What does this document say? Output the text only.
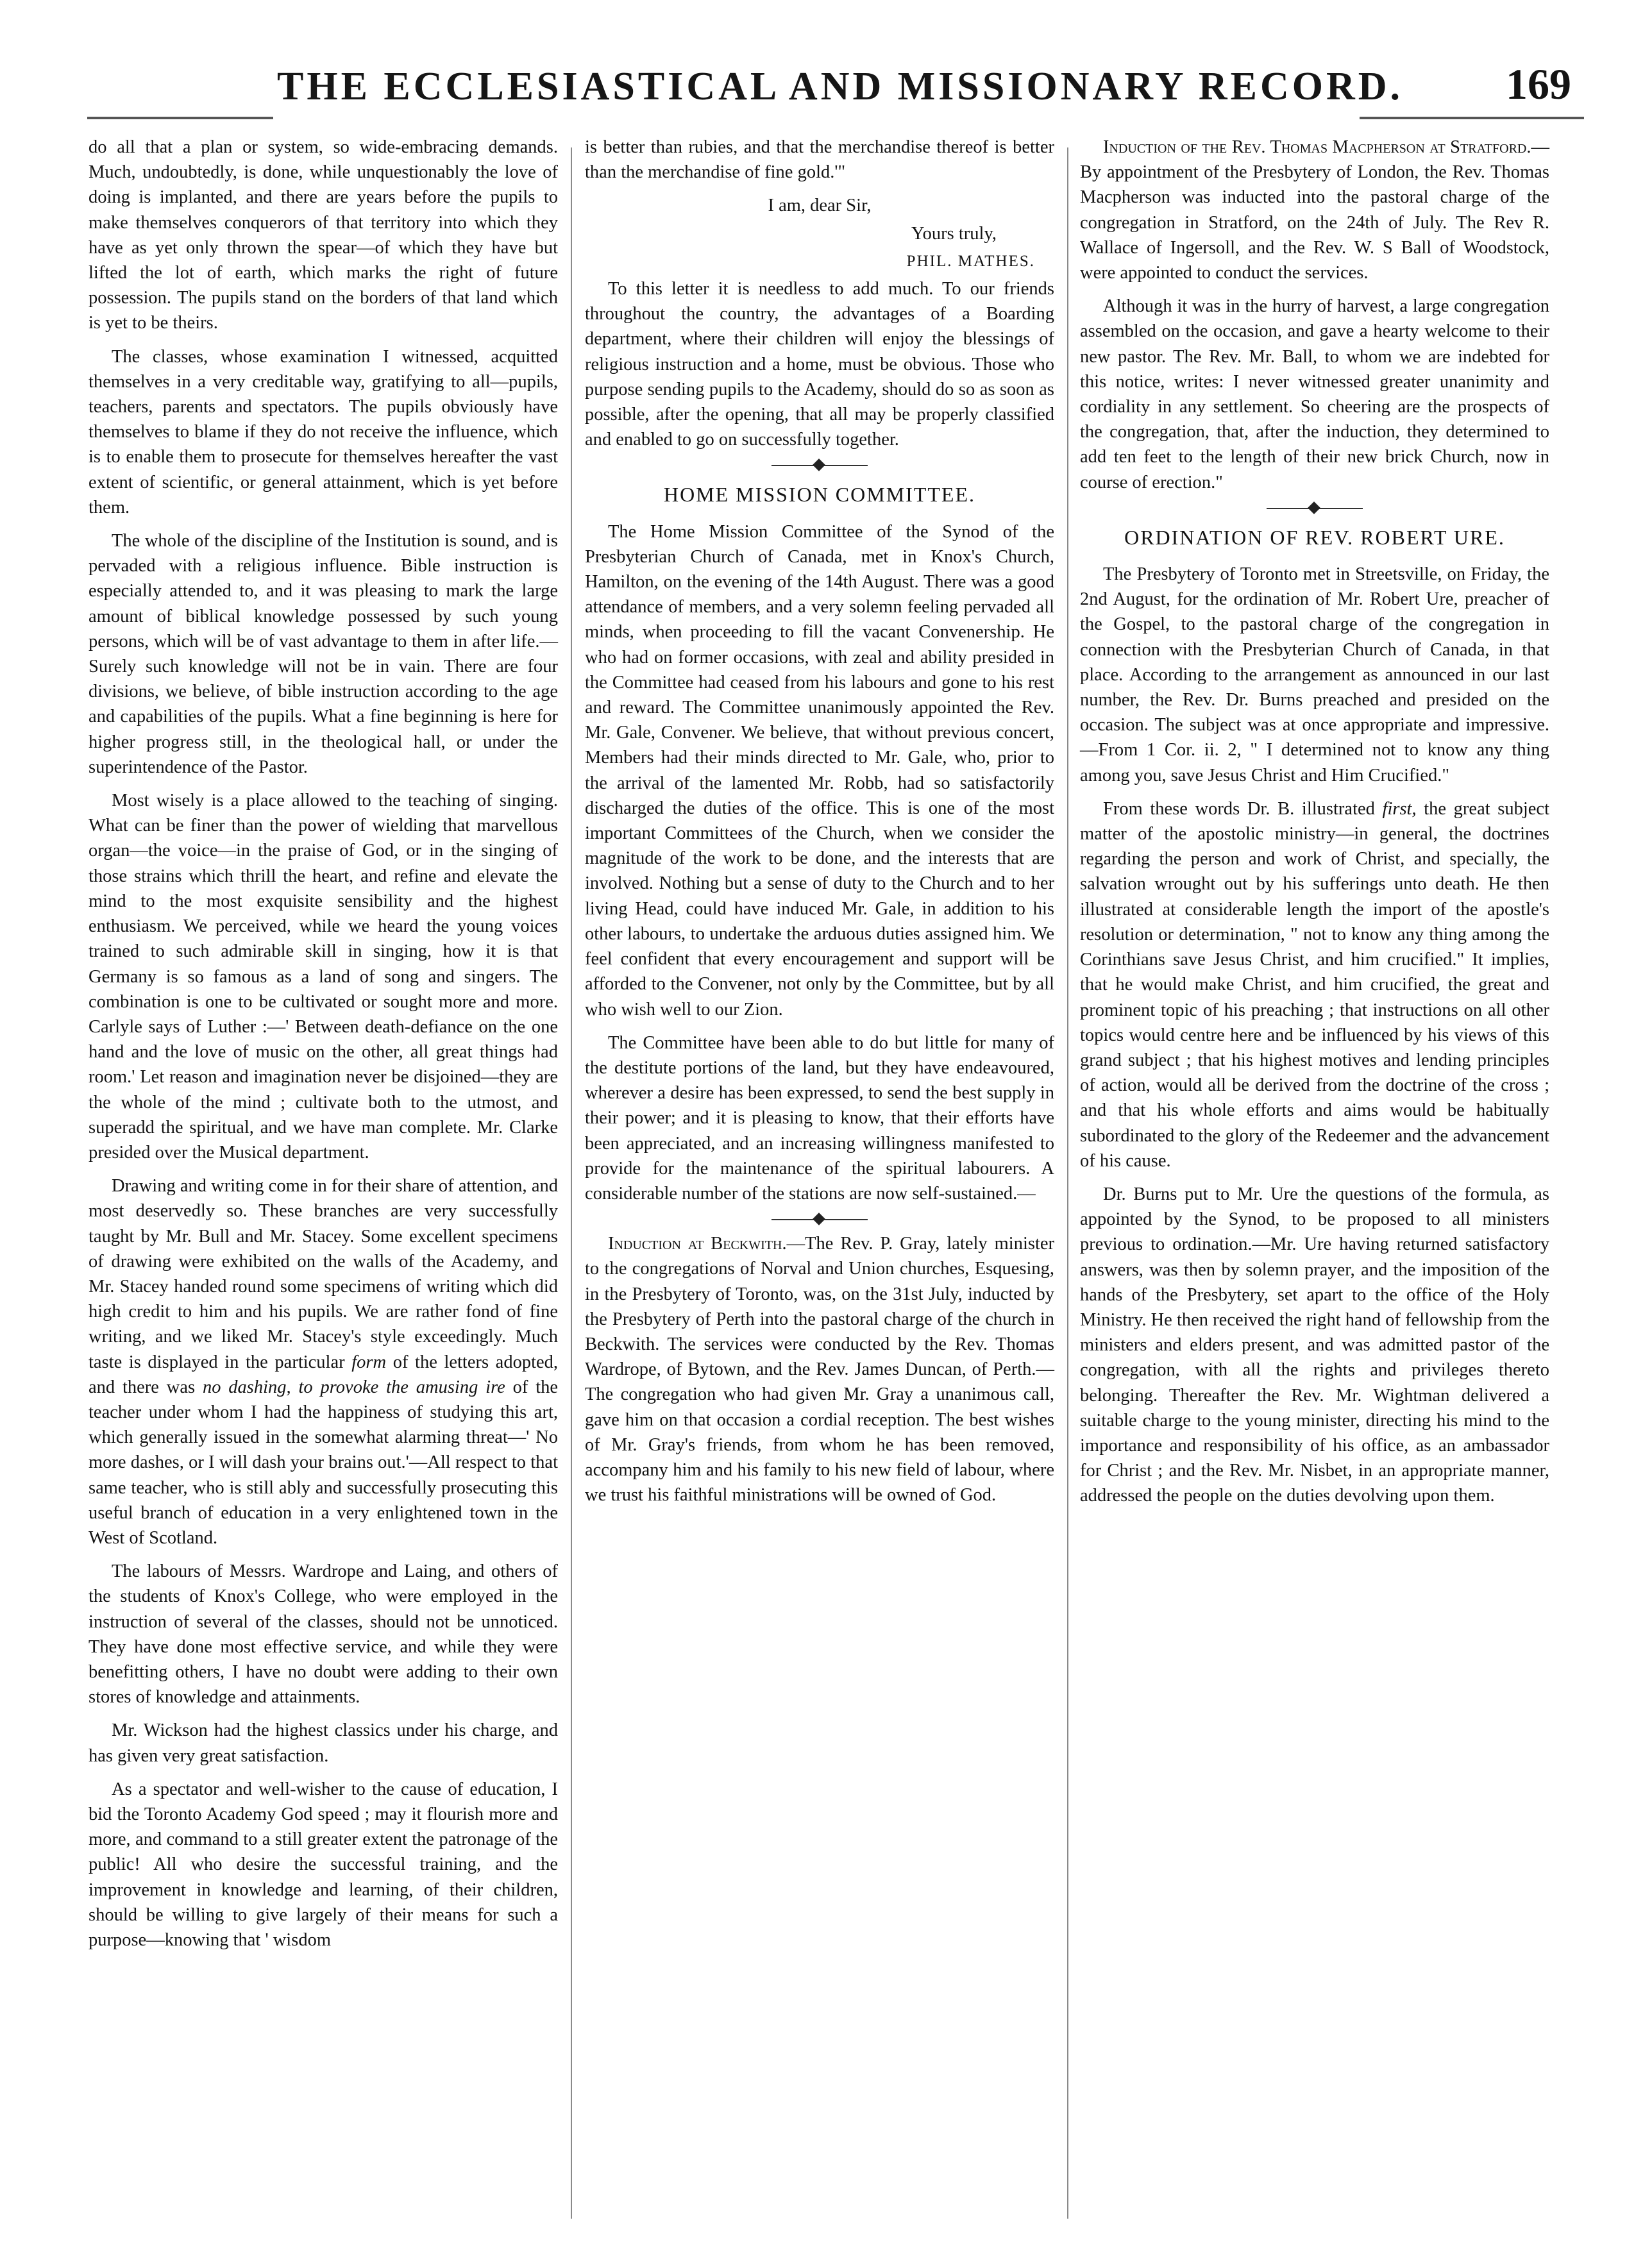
THE ECCLESIASTICAL AND MISSIONARY RECORD.	169

do all that a plan or system, so wide-embracing demands. Much, undoubtedly, is done, while unquestionably the love of doing is implanted, and there are years before the pupils to make themselves conquerors of that territory into which they have as yet only thrown the spear—of which they have but lifted the lot of earth, which marks the right of future possession. The pupils stand on the borders of that land which is yet to be theirs.

The classes, whose examination I witnessed, acquitted themselves in a very creditable way, gratifying to all—pupils, teachers, parents and spectators. The pupils obviously have themselves to blame if they do not receive the influence, which is to enable them to prosecute for themselves hereafter the vast extent of scientific, or general attainment, which is yet before them.

The whole of the discipline of the Institution is sound, and is pervaded with a religious influence. Bible instruction is especially attended to, and it was pleasing to mark the large amount of biblical knowledge possessed by such young persons, which will be of vast advantage to them in after life.—Surely such knowledge will not be in vain. There are four divisions, we believe, of bible instruction according to the age and capabilities of the pupils. What a fine beginning is here for higher progress still, in the theological hall, or under the superintendence of the Pastor.

Most wisely is a place allowed to the teaching of singing. What can be finer than the power of wielding that marvellous organ—the voice—in the praise of God, or in the singing of those strains which thrill the heart, and refine and elevate the mind to the most exquisite sensibility and the highest enthusiasm. We perceived, while we heard the young voices trained to such admirable skill in singing, how it is that Germany is so famous as a land of song and singers. The combination is one to be cultivated or sought more and more. Carlyle says of Luther :—' Between death-defiance on the one hand and the love of music on the other, all great things had room.' Let reason and imagination never be disjoined—they are the whole of the mind ; cultivate both to the utmost, and superadd the spiritual, and we have man complete. Mr. Clarke presided over the Musical department.

Drawing and writing come in for their share of attention, and most deservedly so. These branches are very successfully taught by Mr. Bull and Mr. Stacey. Some excellent specimens of drawing were exhibited on the walls of the Academy, and Mr. Stacey handed round some specimens of writing which did high credit to him and his pupils. We are rather fond of fine writing, and we liked Mr. Stacey's style exceedingly. Much taste is displayed in the particular form of the letters adopted, and there was no dashing, to provoke the amusing ire of the teacher under whom I had the happiness of studying this art, which generally issued in the somewhat alarming threat—' No more dashes, or I will dash your brains out.'—All respect to that same teacher, who is still ably and successfully prosecuting this useful branch of education in a very enlightened town in the West of Scotland.

The labours of Messrs. Wardrope and Laing, and others of the students of Knox's College, who were employed in the instruction of several of the classes, should not be unnoticed. They have done most effective service, and while they were benefitting others, I have no doubt were adding to their own stores of knowledge and attainments.

Mr. Wickson had the highest classics under his charge, and has given very great satisfaction.

As a spectator and well-wisher to the cause of education, I bid the Toronto Academy God speed ; may it flourish more and more, and command to a still greater extent the patronage of the public! All who desire the successful training, and the improvement in knowledge and learning, of their children, should be willing to give largely of their means for such a purpose—knowing that ' wisdom

is better than rubies, and that the merchandise thereof is better than the merchandise of fine gold.'"

I am, dear Sir,

Yours truly,

PHIL. MATHES.

To this letter it is needless to add much. To our friends throughout the country, the advantages of a Boarding department, where their children will enjoy the blessings of religious instruction and a home, must be obvious. Those who purpose sending pupils to the Academy, should do so as soon as possible, after the opening, that all may be properly classified and enabled to go on successfully together.

HOME MISSION COMMITTEE.

The Home Mission Committee of the Synod of the Presbyterian Church of Canada, met in Knox's Church, Hamilton, on the evening of the 14th August. There was a good attendance of members, and a very solemn feeling pervaded all minds, when proceeding to fill the vacant Convenership. He who had on former occasions, with zeal and ability presided in the Committee had ceased from his labours and gone to his rest and reward. The Committee unanimously appointed the Rev. Mr. Gale, Convener. We believe, that without previous concert, Members had their minds directed to Mr. Gale, who, prior to the arrival of the lamented Mr. Robb, had so satisfactorily discharged the duties of the office. This is one of the most important Committees of the Church, when we consider the magnitude of the work to be done, and the interests that are involved. Nothing but a sense of duty to the Church and to her living Head, could have induced Mr. Gale, in addition to his other labours, to undertake the arduous duties assigned him. We feel confident that every encouragement and support will be afforded to the Convener, not only by the Committee, but by all who wish well to our Zion.

The Committee have been able to do but little for many of the destitute portions of the land, but they have endeavoured, wherever a desire has been expressed, to send the best supply in their power; and it is pleasing to know, that their efforts have been appreciated, and an increasing willingness manifested to provide for the maintenance of the spiritual labourers. A considerable number of the stations are now self-sustained.—

Induction at Beckwith.—The Rev. P. Gray, lately minister to the congregations of Norval and Union churches, Esquesing, in the Presbytery of Toronto, was, on the 31st July, inducted by the Presbytery of Perth into the pastoral charge of the church in Beckwith. The services were conducted by the Rev. Thomas Wardrope, of Bytown, and the Rev. James Duncan, of Perth.—The congregation who had given Mr. Gray a unanimous call, gave him on that occasion a cordial reception. The best wishes of Mr. Gray's friends, from whom he has been removed, accompany him and his family to his new field of labour, where we trust his faithful ministrations will be owned of God.

Induction of the Rev. Thomas Macpherson at Stratford.—By appointment of the Presbytery of London, the Rev. Thomas Macpherson was inducted into the pastoral charge of the congregation in Stratford, on the 24th of July. The Rev R. Wallace of Ingersoll, and the Rev. W. S Ball of Woodstock, were appointed to conduct the services.

Although it was in the hurry of harvest, a large congregation assembled on the occasion, and gave a hearty welcome to their new pastor. The Rev. Mr. Ball, to whom we are indebted for this notice, writes: I never witnessed greater unanimity and cordiality in any settlement. So cheering are the prospects of the congregation, that, after the induction, they determined to add ten feet to the length of their new brick Church, now in course of erection."

ORDINATION OF REV. ROBERT URE.

The Presbytery of Toronto met in Streetsville, on Friday, the 2nd August, for the ordination of Mr. Robert Ure, preacher of the Gospel, to the pastoral charge of the congregation in connection with the Presbyterian Church of Canada, in that place. According to the arrangement as announced in our last number, the Rev. Dr. Burns preached and presided on the occasion. The subject was at once appropriate and impressive.—From 1 Cor. ii. 2, " I determined not to know any thing among you, save Jesus Christ and Him Crucified."

From these words Dr. B. illustrated first, the great subject matter of the apostolic ministry—in general, the doctrines regarding the person and work of Christ, and specially, the salvation wrought out by his sufferings unto death. He then illustrated at considerable length the import of the apostle's resolution or determination, " not to know any thing among the Corinthians save Jesus Christ, and him crucified." It implies, that he would make Christ, and him crucified, the great and prominent topic of his preaching ; that instructions on all other topics would centre here and be influenced by his views of this grand subject ; that his highest motives and lending principles of action, would all be derived from the doctrine of the cross ; and that his whole efforts and aims would be habitually subordinated to the glory of the Redeemer and the advancement of his cause.

Dr. Burns put to Mr. Ure the questions of the formula, as appointed by the Synod, to be proposed to all ministers previous to ordination.—Mr. Ure having returned satisfactory answers, was then by solemn prayer, and the imposition of the hands of the Presbytery, set apart to the office of the Holy Ministry. He then received the right hand of fellowship from the ministers and elders present, and was admitted pastor of the congregation, with all the rights and privileges thereto belonging. Thereafter the Rev. Mr. Wightman delivered a suitable charge to the young minister, directing his mind to the importance and responsibility of his office, as an ambassador for Christ ; and the Rev. Mr. Nisbet, in an appropriate manner, addressed the people on the duties devolving upon them.
